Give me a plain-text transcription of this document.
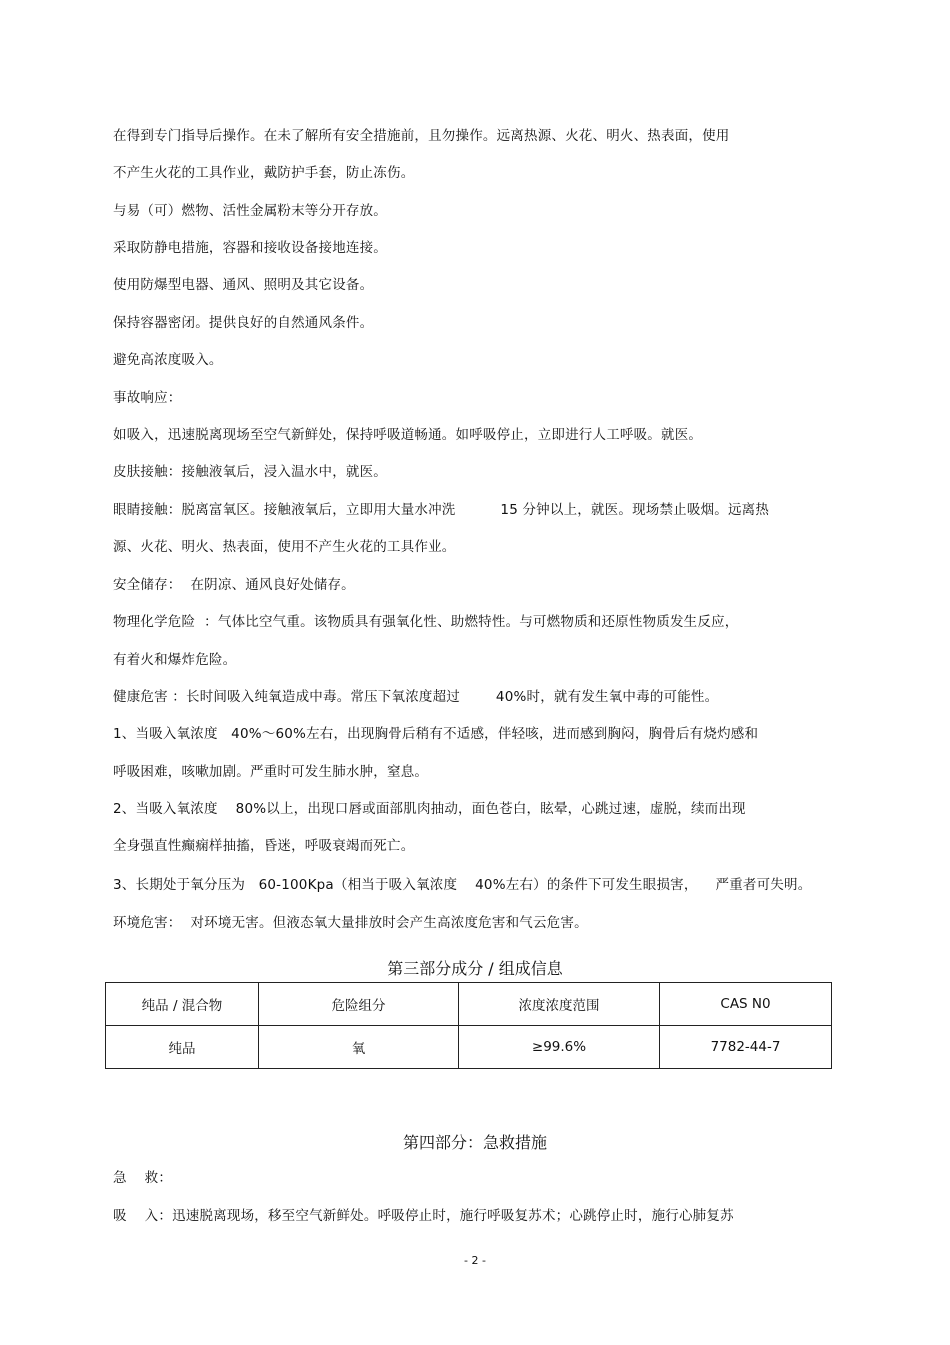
在得到专门指导后操作。在未了解所有安全措施前，且勿操作。远离热源、火花、明火、热表面，使用
不产生火花的工具作业，戴防护手套，防止冻伤。
与易（可）燃物、活性金属粉末等分开存放。
采取防静电措施，容器和接收设备接地连接。
使用防爆型电器、通风、照明及其它设备。
保持容器密闭。提供良好的自然通风条件。
避免高浓度吸入。
事故响应：
如吸入，迅速脱离现场至空气新鲜处，保持呼吸道畅通。如呼吸停止，立即进行人工呼吸。就医。
皮肤接触：接触液氧后，浸入温水中，就医。
眼睛接触：脱离富氧区。接触液氧后，立即用大量水冲洗          15 分钟以上，就医。现场禁止吸烟。远离热
源、火花、明火、热表面，使用不产生火花的工具作业。
安全储存：  在阴凉、通风良好处储存。
物理化学危险  ：气体比空气重。该物质具有强氧化性、助燃特性。与可燃物质和还原性物质发生反应，
有着火和爆炸危险。
健康危害 ：长时间吸入纯氧造成中毒。常压下氧浓度超过        40%时，就有发生氧中毒的可能性。
1、当吸入氧浓度   40%～60%左右，出现胸骨后稍有不适感，伴轻咳，进而感到胸闷，胸骨后有烧灼感和
呼吸困难，咳嗽加剧。严重时可发生肺水肿，窒息。
2、当吸入氧浓度    80%以上，出现口唇或面部肌肉抽动，面色苍白，眩晕，心跳过速，虚脱，续而出现
全身强直性癫痫样抽搐，昏迷，呼吸衰竭而死亡。
3、长期处于氧分压为   60-100Kpa（相当于吸入氧浓度    40%左右）的条件下可发生眼损害，    严重者可失明。
环境危害：  对环境无害。但液态氧大量排放时会产生高浓度危害和气云危害。
第三部分成分 / 组成信息
纯品 / 混合物	危险组分	浓度浓度范围	CAS N0
纯品	氧	≥99.6%	7782-44-7
第四部分：急救措施
急    救：
吸    入：迅速脱离现场，移至空气新鲜处。呼吸停止时，施行呼吸复苏术；心跳停止时，施行心肺复苏
- 2 -
